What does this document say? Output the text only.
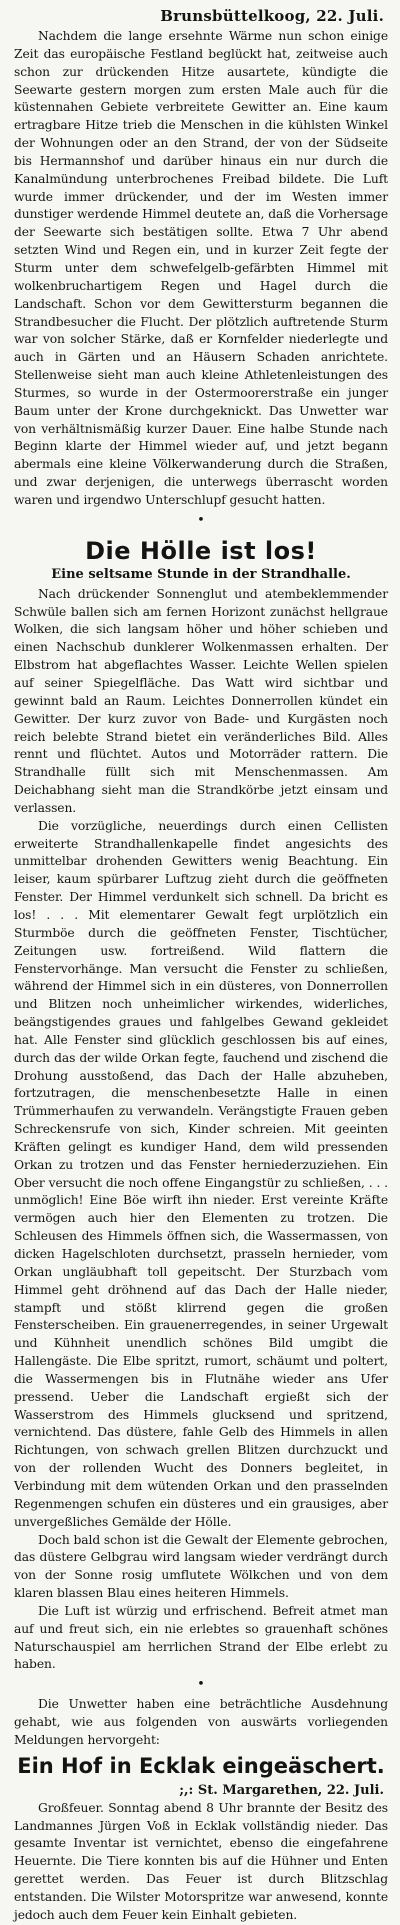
Brunsbüttelkoog, 22. Juli.

Nachdem die lange ersehnte Wärme nun schon einige Zeit das europäische Festland beglückt hat, zeitweise auch schon zur drückenden Hitze ausartete, kündigte die Seewarte gestern morgen zum ersten Male auch für die küstennahen Gebiete verbreitete Gewitter an. Eine kaum ertragbare Hitze trieb die Menschen in die kühlsten Winkel der Wohnungen oder an den Strand, der von der Südseite bis Hermannshof und darüber hinaus ein nur durch die Kanalmündung unterbrochenes Freibad bildete. Die Luft wurde immer drückender, und der im Westen immer dunstiger werdende Himmel deutete an, daß die Vorhersage der Seewarte sich bestätigen sollte. Etwa 7 Uhr abend setzten Wind und Regen ein, und in kurzer Zeit fegte der Sturm unter dem schwefelgelb-gefärbten Himmel mit wolkenbruchartigem Regen und Hagel durch die Landschaft. Schon vor dem Gewittersturm begannen die Strandbesucher die Flucht. Der plötzlich auftretende Sturm war von solcher Stärke, daß er Kornfelder niederlegte und auch in Gärten und an Häusern Schaden anrichtete. Stellenweise sieht man auch kleine Athletenleistungen des Sturmes, so wurde in der Ostermoorerstraße ein junger Baum unter der Krone durchgeknickt. Das Unwetter war von verhältnismäßig kurzer Dauer. Eine halbe Stunde nach Beginn klarte der Himmel wieder auf, und jetzt begann abermals eine kleine Völkerwanderung durch die Straßen, und zwar derjenigen, die unterwegs überrascht worden waren und irgendwo Unterschlupf gesucht hatten.

•
Die Hölle ist los!
Eine seltsame Stunde in der Strandhalle.

Nach drückender Sonnenglut und atembeklemmender Schwüle ballen sich am fernen Horizont zunächst hellgraue Wolken, die sich langsam höher und höher schieben und einen Nachschub dunklerer Wolkenmassen erhalten. Der Elbstrom hat abgeflachtes Wasser. Leichte Wellen spielen auf seiner Spiegelfläche. Das Watt wird sichtbar und gewinnt bald an Raum. Leichtes Donnerrollen kündet ein Gewitter. Der kurz zuvor von Bade- und Kurgästen noch reich belebte Strand bietet ein veränderliches Bild. Alles rennt und flüchtet. Autos und Motorräder rattern. Die Strandhalle füllt sich mit Menschenmassen. Am Deichabhang sieht man die Strandkörbe jetzt einsam und verlassen.

Die vorzügliche, neuerdings durch einen Cellisten erweiterte Strandhallenkapelle findet angesichts des unmittelbar drohenden Gewitters wenig Beachtung. Ein leiser, kaum spürbarer Luftzug zieht durch die geöffneten Fenster. Der Himmel verdunkelt sich schnell. Da bricht es los! . . . Mit elementarer Gewalt fegt urplötzlich ein Sturmböe durch die geöffneten Fenster, Tischtücher, Zeitungen usw. fortreißend. Wild flattern die Fenstervorhänge. Man versucht die Fenster zu schließen, während der Himmel sich in ein düsteres, von Donnerrollen und Blitzen noch unheimlicher wirkendes, widerliches, beängstigendes graues und fahlgelbes Gewand gekleidet hat. Alle Fenster sind glücklich geschlossen bis auf eines, durch das der wilde Orkan fegte, fauchend und zischend die Drohung ausstoßend, das Dach der Halle abzuheben, fortzutragen, die menschenbesetzte Halle in einen Trümmerhaufen zu verwandeln. Verängstigte Frauen geben Schreckensrufe von sich, Kinder schreien. Mit geeinten Kräften gelingt es kundiger Hand, dem wild pressenden Orkan zu trotzen und das Fenster herniederzuziehen. Ein Ober versucht die noch offene Eingangstür zu schließen, . . . unmöglich! Eine Böe wirft ihn nieder. Erst vereinte Kräfte vermögen auch hier den Elementen zu trotzen. Die Schleusen des Himmels öffnen sich, die Wassermassen, von dicken Hagelschloten durchsetzt, prasseln hernieder, vom Orkan ungläubhaft toll gepeitscht. Der Sturzbach vom Himmel geht dröhnend auf das Dach der Halle nieder, stampft und stößt klirrend gegen die großen Fensterscheiben. Ein grauenerregendes, in seiner Urgewalt und Kühnheit unendlich schönes Bild umgibt die Hallengäste. Die Elbe spritzt, rumort, schäumt und poltert, die Wassermengen bis in Flutnähe wieder ans Ufer pressend. Ueber die Landschaft ergießt sich der Wasserstrom des Himmels glucksend und spritzend, vernichtend. Das düstere, fahle Gelb des Himmels in allen Richtungen, von schwach grellen Blitzen durchzuckt und von der rollenden Wucht des Donners begleitet, in Verbindung mit dem wütenden Orkan und den prasselnden Regenmengen schufen ein düsteres und ein grausiges, aber unvergeßliches Gemälde der Hölle.

Doch bald schon ist die Gewalt der Elemente gebrochen, das düstere Gelbgrau wird langsam wieder verdrängt durch von der Sonne rosig umflutete Wölkchen und von dem klaren blassen Blau eines heiteren Himmels.

Die Luft ist würzig und erfrischend. Befreit atmet man auf und freut sich, ein nie erlebtes so grauenhaft schönes Naturschauspiel am herrlichen Strand der Elbe erlebt zu haben.

•

Die Unwetter haben eine beträchtliche Ausdehnung gehabt, wie aus folgenden von auswärts vorliegenden Meldungen hervorgeht:

Ein Hof in Ecklak eingeäschert.
;,: St. Margarethen, 22. Juli.

Großfeuer. Sonntag abend 8 Uhr brannte der Besitz des Landmannes Jürgen Voß in Ecklak vollständig nieder. Das gesamte Inventar ist vernichtet, ebenso die eingefahrene Heuernte. Die Tiere konnten bis auf die Hühner und Enten gerettet werden. Das Feuer ist durch Blitzschlag entstanden. Die Wilster Motorspritze war anwesend, konnte jedoch auch dem Feuer kein Einhalt gebieten.
